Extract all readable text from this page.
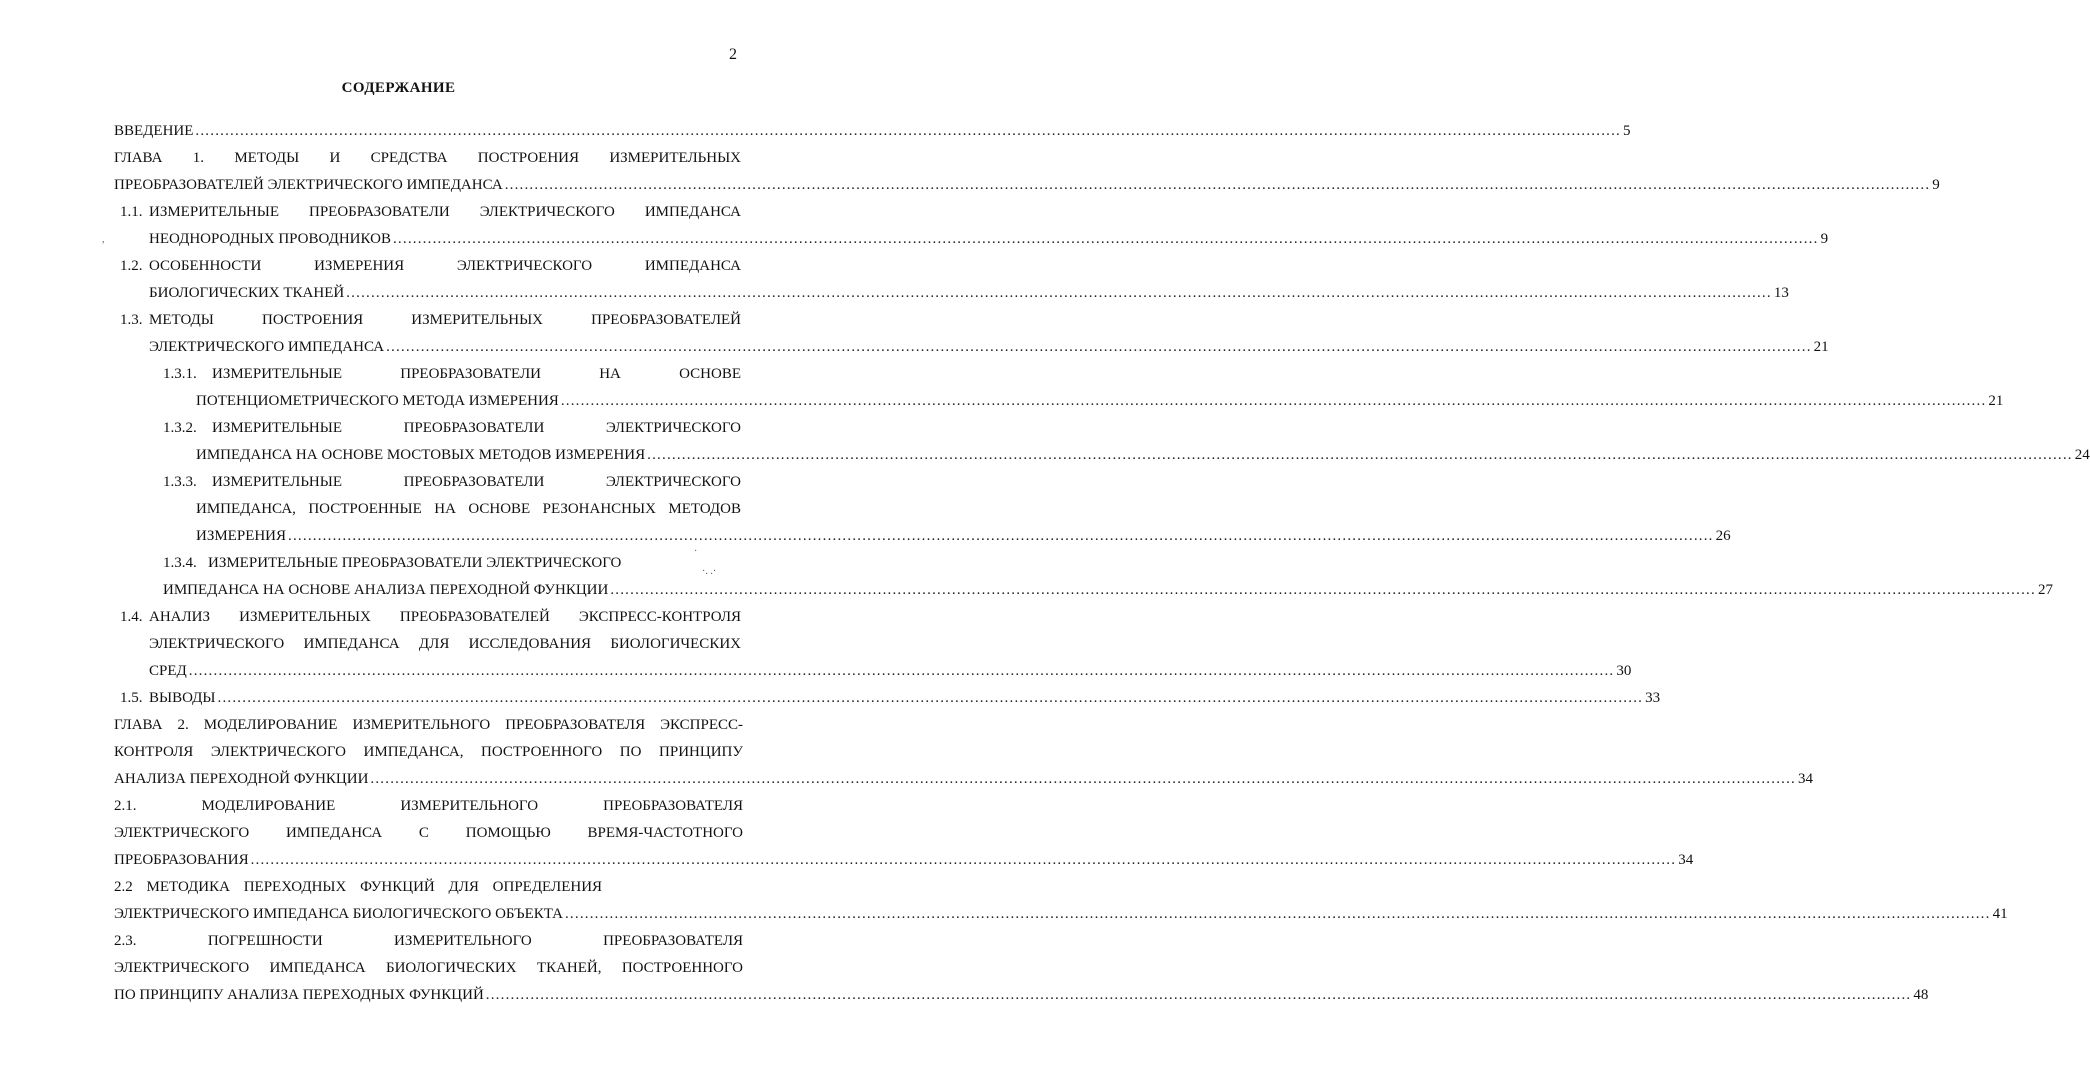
2
СОДЕРЖАНИЕ
ВВЕДЕНИЕ ................................................................................................................................................................................................................................................................................................ 5
ГЛАВА 1. МЕТОДЫ И СРЕДСТВА ПОСТРОЕНИЯ ИЗМЕРИТЕЛЬНЫХ
ПРЕОБРАЗОВАТЕЛЕЙ ЭЛЕКТРИЧЕСКОГО ИМПЕДАНСА ................................................................................................................................................................................................................................................................................................ 9
1.1. ИЗМЕРИТЕЛЬНЫЕ ПРЕОБРАЗОВАТЕЛИ ЭЛЕКТРИЧЕСКОГО ИМПЕДАНСА
НЕОДНОРОДНЫХ ПРОВОДНИКОВ ................................................................................................................................................................................................................................................................................................ 9
1.2. ОСОБЕННОСТИ ИЗМЕРЕНИЯ ЭЛЕКТРИЧЕСКОГО ИМПЕДАНСА
БИОЛОГИЧЕСКИХ ТКАНЕЙ ................................................................................................................................................................................................................................................................................................ 13
1.3. МЕТОДЫ ПОСТРОЕНИЯ ИЗМЕРИТЕЛЬНЫХ ПРЕОБРАЗОВАТЕЛЕЙ
ЭЛЕКТРИЧЕСКОГО ИМПЕДАНСА ................................................................................................................................................................................................................................................................................................ 21
1.3.1. ИЗМЕРИТЕЛЬНЫЕ ПРЕОБРАЗОВАТЕЛИ НА ОСНОВЕ
ПОТЕНЦИОМЕТРИЧЕСКОГО МЕТОДА ИЗМЕРЕНИЯ ................................................................................................................................................................................................................................................................................................ 21
1.3.2. ИЗМЕРИТЕЛЬНЫЕ ПРЕОБРАЗОВАТЕЛИ ЭЛЕКТРИЧЕСКОГО
ИМПЕДАНСА НА ОСНОВЕ МОСТОВЫХ МЕТОДОВ ИЗМЕРЕНИЯ ................................................................................................................................................................................................................................................................................................ 24
1.3.3. ИЗМЕРИТЕЛЬНЫЕ ПРЕОБРАЗОВАТЕЛИ ЭЛЕКТРИЧЕСКОГО
ИМПЕДАНСА, ПОСТРОЕННЫЕ НА ОСНОВЕ РЕЗОНАНСНЫХ МЕТОДОВ
ИЗМЕРЕНИЯ ................................................................................................................................................................................................................................................................................................ 26
1.3.4. ИЗМЕРИТЕЛЬНЫЕ ПРЕОБРАЗОВАТЕЛИ ЭЛЕКТРИЧЕСКОГО
ИМПЕДАНСА НА ОСНОВЕ АНАЛИЗА ПЕРЕХОДНОЙ ФУНКЦИИ ................................................................................................................................................................................................................................................................................................ 27
1.4. АНАЛИЗ ИЗМЕРИТЕЛЬНЫХ ПРЕОБРАЗОВАТЕЛЕЙ ЭКСПРЕСС-КОНТРОЛЯ
ЭЛЕКТРИЧЕСКОГО ИМПЕДАНСА ДЛЯ ИССЛЕДОВАНИЯ БИОЛОГИЧЕСКИХ
СРЕД ................................................................................................................................................................................................................................................................................................ 30
1.5. ВЫВОДЫ ................................................................................................................................................................................................................................................................................................ 33
ГЛАВА 2. МОДЕЛИРОВАНИЕ ИЗМЕРИТЕЛЬНОГО ПРЕОБРАЗОВАТЕЛЯ ЭКСПРЕСС-
КОНТРОЛЯ ЭЛЕКТРИЧЕСКОГО ИМПЕДАНСА, ПОСТРОЕННОГО ПО ПРИНЦИПУ
АНАЛИЗА ПЕРЕХОДНОЙ ФУНКЦИИ ................................................................................................................................................................................................................................................................................................ 34
2.1. МОДЕЛИРОВАНИЕ ИЗМЕРИТЕЛЬНОГО ПРЕОБРАЗОВАТЕЛЯ
ЭЛЕКТРИЧЕСКОГО ИМПЕДАНСА С ПОМОЩЬЮ ВРЕМЯ-ЧАСТОТНОГО
ПРЕОБРАЗОВАНИЯ ................................................................................................................................................................................................................................................................................................ 34
2.2 МЕТОДИКА ПЕРЕХОДНЫХ ФУНКЦИЙ ДЛЯ ОПРЕДЕЛЕНИЯ
ЭЛЕКТРИЧЕСКОГО ИМПЕДАНСА БИОЛОГИЧЕСКОГО ОБЪЕКТА ................................................................................................................................................................................................................................................................................................ 41
2.3. ПОГРЕШНОСТИ ИЗМЕРИТЕЛЬНОГО ПРЕОБРАЗОВАТЕЛЯ
ЭЛЕКТРИЧЕСКОГО ИМПЕДАНСА БИОЛОГИЧЕСКИХ ТКАНЕЙ, ПОСТРОЕННОГО
ПО ПРИНЦИПУ АНАЛИЗА ПЕРЕХОДНЫХ ФУНКЦИЙ ................................................................................................................................................................................................................................................................................................ 48
,
·
·. .·
